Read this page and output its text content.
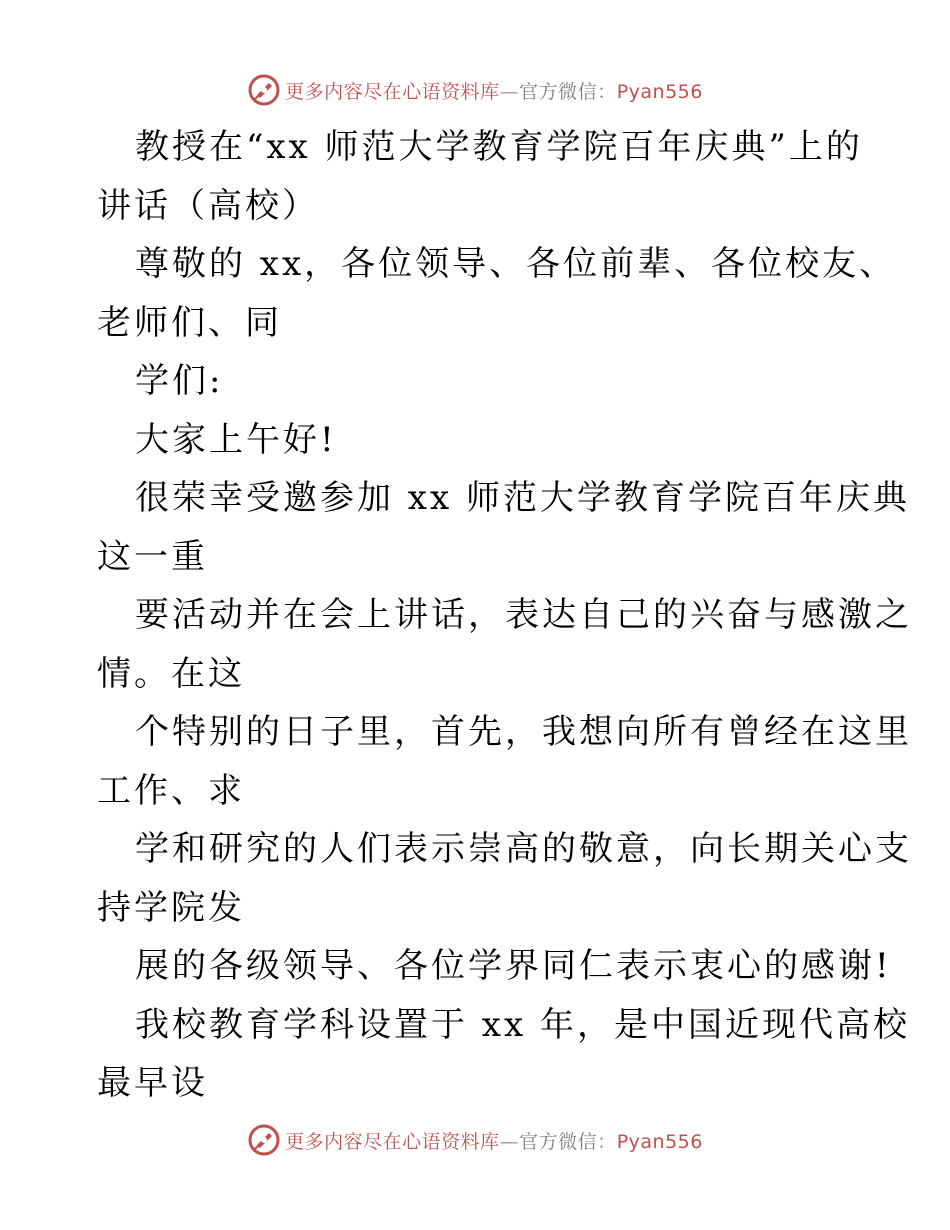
更多内容尽在心语资料库—官方微信：Pyan556
教授在“xx 师范大学教育学院百年庆典”上的
讲话（高校）
尊敬的 xx，各位领导、各位前辈、各位校友、
老师们、同
学们:
大家上午好!
很荣幸受邀参加 xx 师范大学教育学院百年庆典
这一重
要活动并在会上讲话，表达自己的兴奋与感激之
情。在这
个特别的日子里，首先，我想向所有曾经在这里
工作、求
学和研究的人们表示崇高的敬意，向长期关心支
持学院发
展的各级领导、各位学界同仁表示衷心的感谢!
我校教育学科设置于 xx 年，是中国近现代高校
最早设
更多内容尽在心语资料库—官方微信：Pyan556
